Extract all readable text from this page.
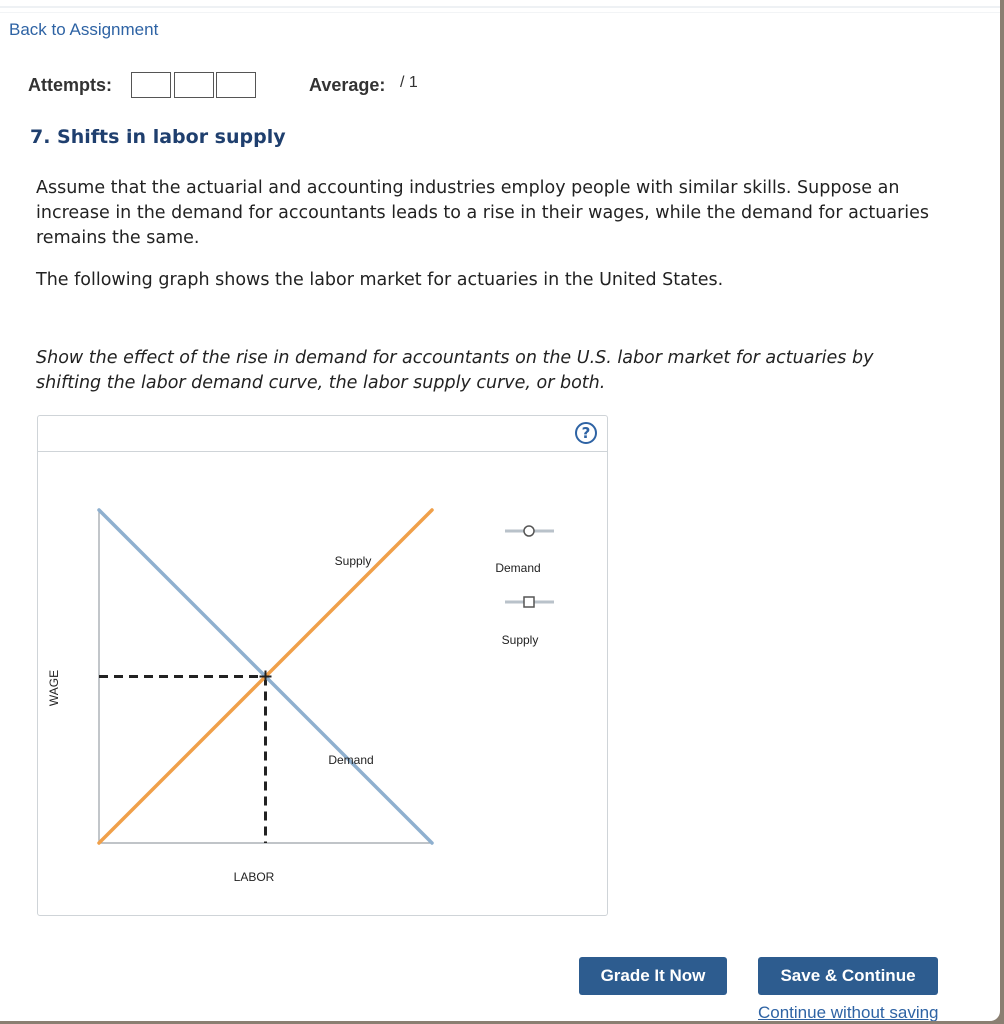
Back to Assignment
Attempts:	Average: / 1
7. Shifts in labor supply
Assume that the actuarial and accounting industries employ people with similar skills. Suppose an increase in the demand for accountants leads to a rise in their wages, while the demand for actuaries remains the same.
The following graph shows the labor market for actuaries in the United States.
Show the effect of the rise in demand for accountants on the U.S. labor market for actuaries by shifting the labor demand curve, the labor supply curve, or both.
?
WAGE
LABOR
Supply
Demand
Demand
Supply
Grade It Now	Save & Continue
Continue without saving
